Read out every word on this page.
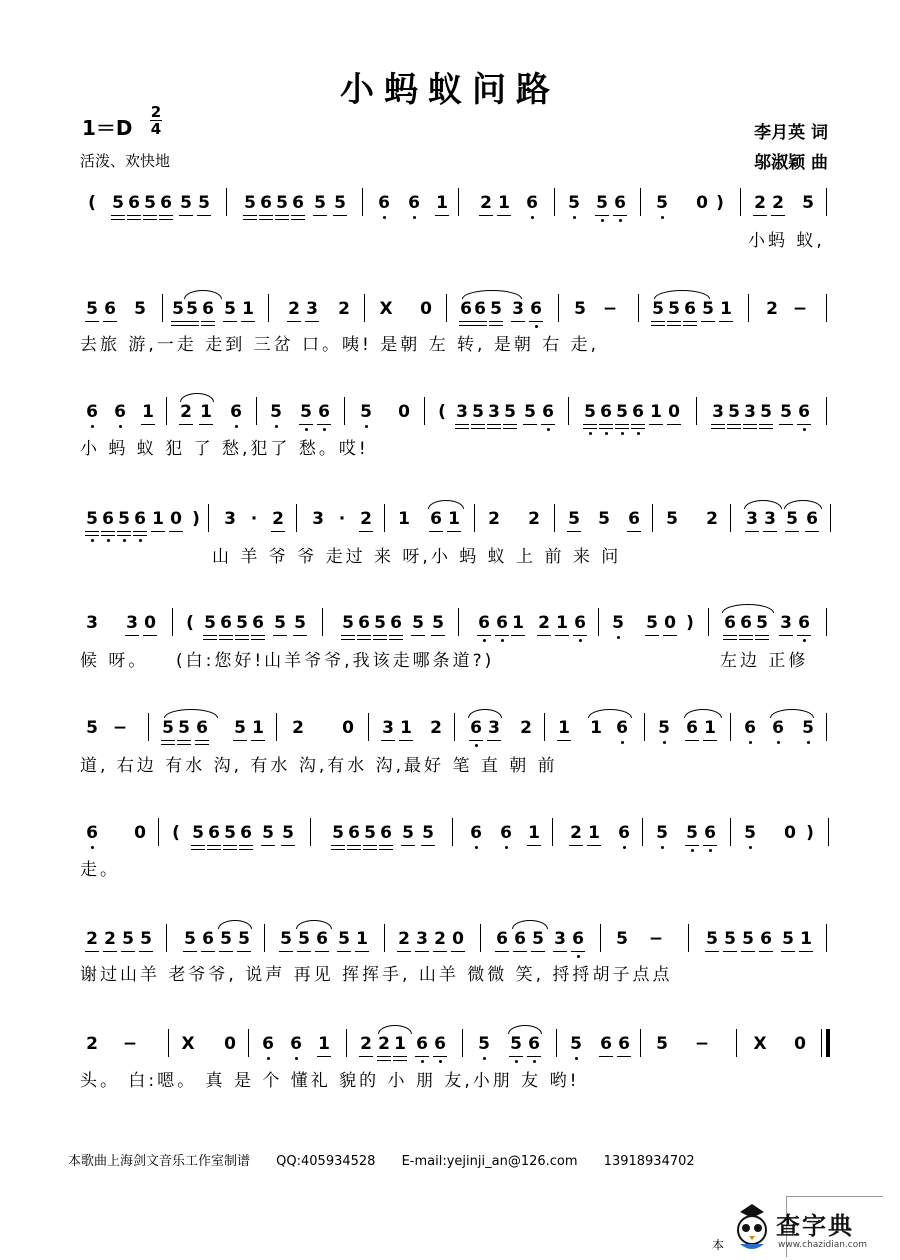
小蚂蚁问路
$1=D \frac{2}{4}$
活泼、欢快地
李月英 词
邬淑颖 曲
( 5 6 5 6 5 5 5 6 5 6 5 5 6 6 1 2 1 6 5 5 6 5 0 ) 2 2 5
小蚂 蚁,
5 6 5 5 5 6 5 1 2 3 2 X 0 6 6 5 3 6 5 − 5 5 6 5 1 2 −
去旅 游,一走 走到 三岔 口。咦! 是朝 左 转, 是朝 右 走,
6 6 1 2 1 6 5 5 6 5 0 ( 3 5 3 5 5 6 5 6 5 6 1 0 3 5 3 5 5 6
小 蚂 蚁 犯 了 愁,犯了 愁。哎!
5 6 5 6 1 0 ) 3 · 2 3 · 2 1 6 1 2 2 5 5 6 5 2 3 3 5 6
山 羊 爷 爷 走过 来 呀,小 蚂 蚁 上 前 来 问
3 3 0 ( 5 6 5 6 5 5 5 6 5 6 5 5 6 6 1 2 1 6 5 5 0 ) 6 6 5 3 6
候 呀。 (白:您好!山羊爷爷,我该走哪条道?)	左边 正修
5 − 5 5 6 5 1 2 0 3 1 2 6 3 2 1 1 6 5 6 1 6 6 5
道, 右边 有水 沟, 有水 沟,有水 沟,最好 笔 直 朝 前
6 0 ( 5 6 5 6 5 5 5 6 5 6 5 5 6 6 1 2 1 6 5 5 6 5 0 )
走。
2 2 5 5 5 6 5 5 5 5 6 5 1 2 3 2 0 6 6 5 3 6 5 −	5 5 5 6 5 1
谢过山羊 老爷爷, 说声 再见 挥挥手, 山羊 微微 笑, 捋捋胡子点点
2 −	X 0 6 6 1 2 2 1 6 6 5 5 6 5 6 6 5 −	X 0
头。 白:嗯。 真 是 个 懂礼 貌的 小 朋 友,小朋 友 哟!
本歌曲上海剑文音乐工作室制谱 QQ:405934528 E-mail:yejinji_an@126.com 13918934702
本
查字典
www.chazidian.com
